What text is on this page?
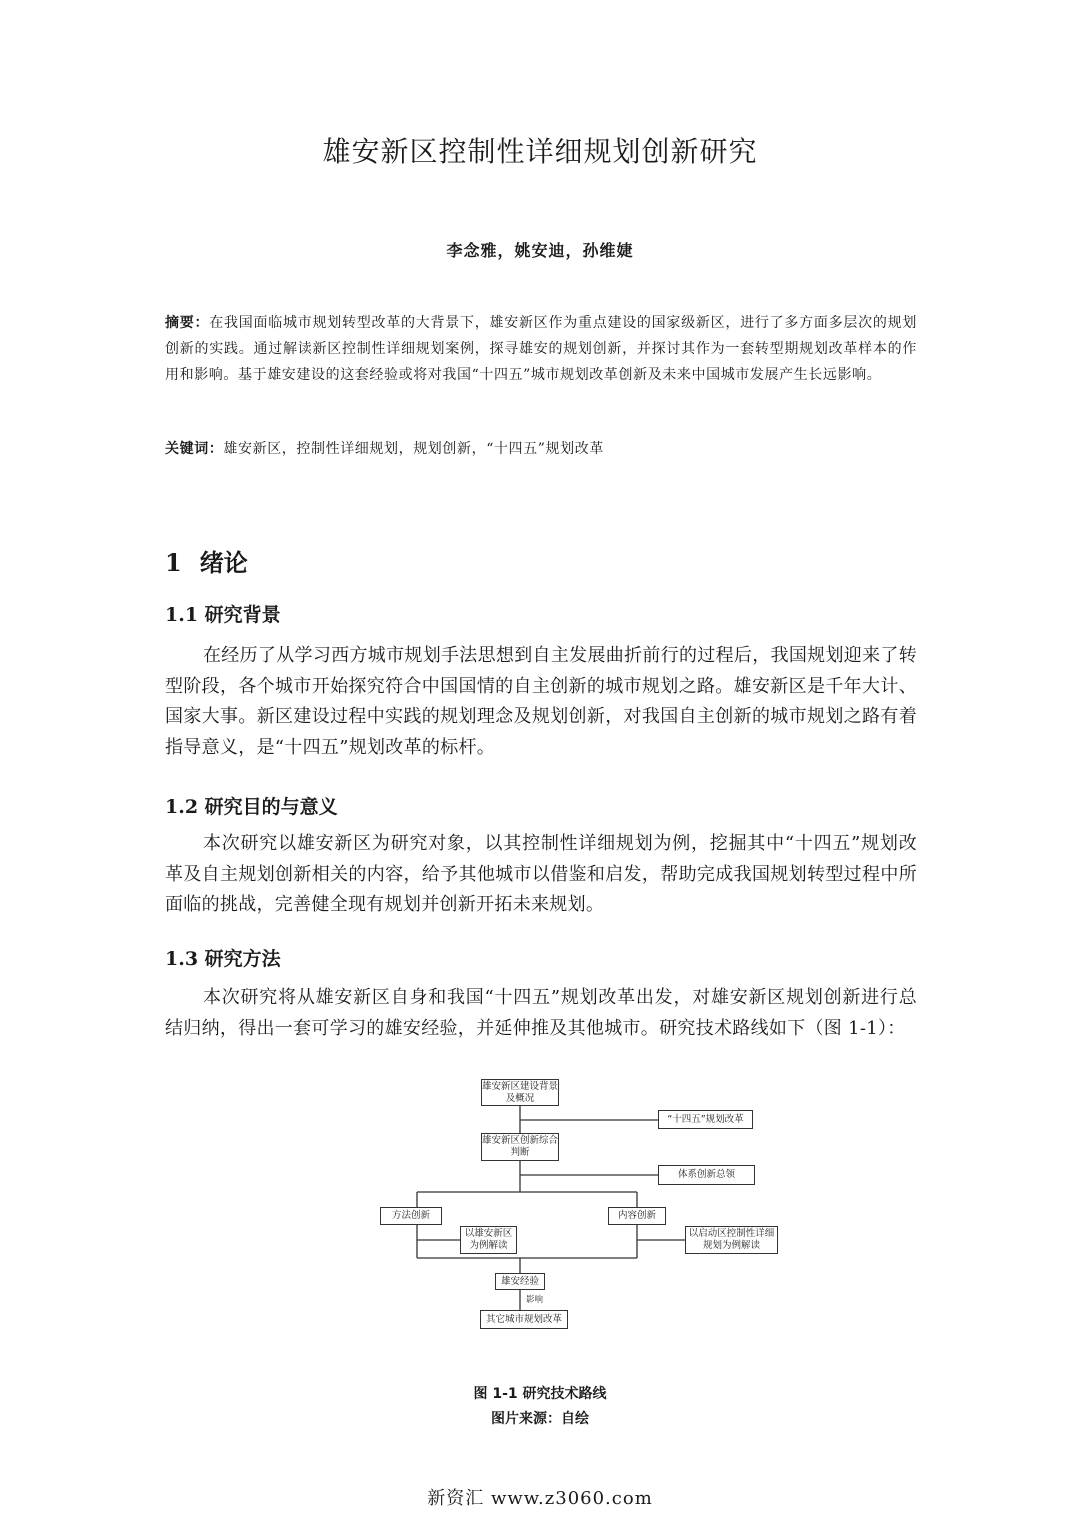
雄安新区控制性详细规划创新研究
李念雅，姚安迪，孙维婕
摘要：在我国面临城市规划转型改革的大背景下，雄安新区作为重点建设的国家级新区，进行了多方面多层次的规划创新的实践。通过解读新区控制性详细规划案例，探寻雄安的规划创新，并探讨其作为一套转型期规划改革样本的作用和影响。基于雄安建设的这套经验或将对我国“十四五”城市规划改革创新及未来中国城市发展产生长远影响。
关键词：雄安新区，控制性详细规划，规划创新，“十四五”规划改革
1 绪论
1.1 研究背景
在经历了从学习西方城市规划手法思想到自主发展曲折前行的过程后，我国规划迎来了转型阶段，各个城市开始探究符合中国国情的自主创新的城市规划之路。雄安新区是千年大计、国家大事。新区建设过程中实践的规划理念及规划创新，对我国自主创新的城市规划之路有着指导意义，是“十四五”规划改革的标杆。
1.2 研究目的与意义
本次研究以雄安新区为研究对象，以其控制性详细规划为例，挖掘其中“十四五”规划改革及自主规划创新相关的内容，给予其他城市以借鉴和启发，帮助完成我国规划转型过程中所面临的挑战，完善健全现有规划并创新开拓未来规划。
1.3 研究方法
本次研究将从雄安新区自身和我国“十四五”规划改革出发，对雄安新区规划创新进行总结归纳，得出一套可学习的雄安经验，并延伸推及其他城市。研究技术路线如下（图 1-1）：
雄安新区建设背景及概况
“十四五”规划改革
雄安新区创新综合判断
体系创新总领
方法创新	内容创新
以雄安新区为例解读
以启动区控制性详细规划为例解读
雄安经验
影响
其它城市规划改革
图 1-1 研究技术路线
图片来源：自绘
新资汇 www.z3060.com
